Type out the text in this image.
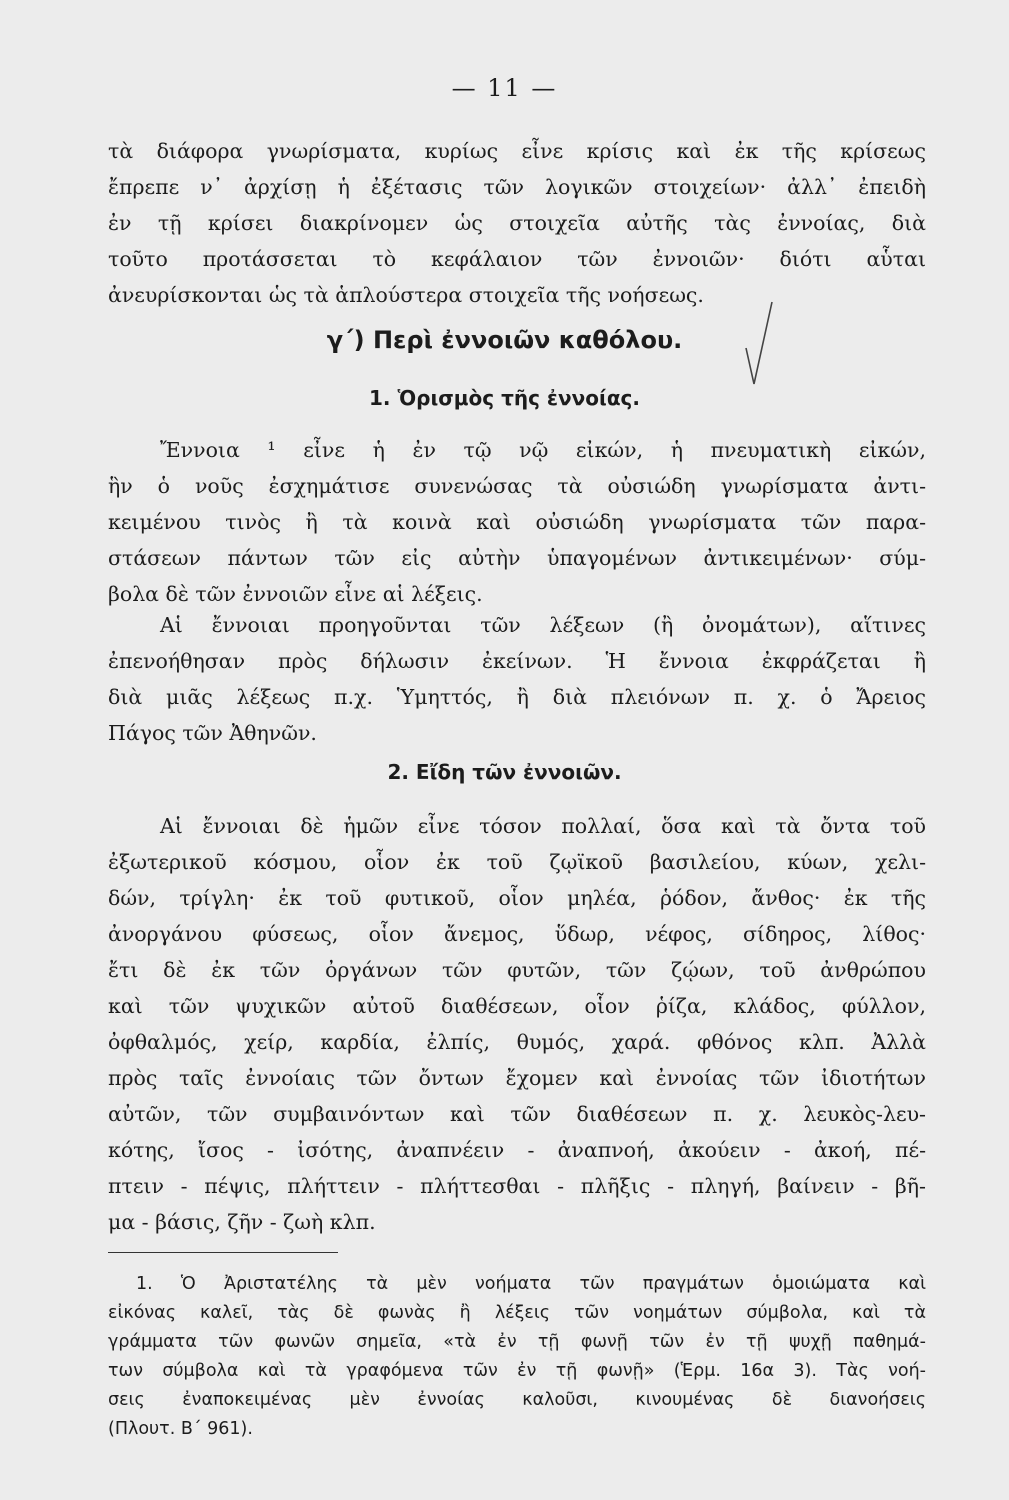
— 11 —
τὰ διάφορα γνωρίσματα, κυρίως εἶνε κρίσις καὶ ἐκ τῆς κρίσεως
ἔπρεπε ν᾽ ἀρχίσῃ ἡ ἐξέτασις τῶν λογικῶν στοιχείων· ἀλλ᾽ ἐπειδὴ
ἐν τῇ κρίσει διακρίνομεν ὡς στοιχεῖα αὐτῆς τὰς ἐννοίας, διὰ
τοῦτο προτάσσεται τὸ κεφάλαιον τῶν ἐννοιῶν· διότι αὗται
ἀνευρίσκονται ὡς τὰ ἁπλούστερα στοιχεῖα τῆς νοήσεως.
γ΄) Περὶ ἐννοιῶν καθόλου.
1. Ὁρισμὸς τῆς ἐννοίας.
Ἔννοια ¹ εἶνε ἡ ἐν τῷ νῷ εἰκών, ἡ πνευματικὴ εἰκών,
ἣν ὁ νοῦς ἐσχημάτισε συνενώσας τὰ οὐσιώδη γνωρίσματα ἀντι-
κειμένου τινὸς ἢ τὰ κοινὰ καὶ οὐσιώδη γνωρίσματα τῶν παρα-
στάσεων πάντων τῶν εἰς αὐτὴν ὑπαγομένων ἀντικειμένων· σύμ-
βολα δὲ τῶν ἐννοιῶν εἶνε αἱ λέξεις.
Αἱ ἔννοιαι προηγοῦνται τῶν λέξεων (ἢ ὀνομάτων), αἵτινες
ἐπενοήθησαν πρὸς δήλωσιν ἐκείνων. Ἡ ἔννοια ἐκφράζεται ἢ
διὰ μιᾶς λέξεως π.χ. Ὑμηττός, ἢ διὰ πλειόνων π. χ. ὁ Ἄρειος
Πάγος τῶν Ἀθηνῶν.
2. Εἴδη τῶν ἐννοιῶν.
Αἱ ἔννοιαι δὲ ἡμῶν εἶνε τόσον πολλαί, ὅσα καὶ τὰ ὄντα τοῦ
ἐξωτερικοῦ κόσμου, οἷον ἐκ τοῦ ζῳϊκοῦ βασιλείου, κύων, χελι-
δών, τρίγλη· ἐκ τοῦ φυτικοῦ, οἷον μηλέα, ῥόδον, ἄνθος· ἐκ τῆς
ἀνοργάνου φύσεως, οἷον ἄνεμος, ὕδωρ, νέφος, σίδηρος, λίθος·
ἔτι δὲ ἐκ τῶν ὀργάνων τῶν φυτῶν, τῶν ζῴων, τοῦ ἀνθρώπου
καὶ τῶν ψυχικῶν αὐτοῦ διαθέσεων, οἷον ῥίζα, κλάδος, φύλλον,
ὀφθαλμός, χείρ, καρδία, ἐλπίς, θυμός, χαρά. φθόνος κλπ. Ἀλλὰ
πρὸς ταῖς ἐννοίαις τῶν ὄντων ἔχομεν καὶ ἐννοίας τῶν ἰδιοτήτων
αὐτῶν, τῶν συμβαινόντων καὶ τῶν διαθέσεων π. χ. λευκὸς-λευ-
κότης, ἴσος - ἰσότης, ἀναπνέειν - ἀναπνοή, ἀκούειν - ἀκοή, πέ-
πτειν - πέψις, πλήττειν - πλήττεσθαι - πλῆξις - πληγή, βαίνειν - βῆ-
μα - βάσις, ζῆν - ζωὴ κλπ.
1. Ὁ Ἀριστατέλης τὰ μὲν νοήματα τῶν πραγμάτων ὁμοιώματα καὶ
εἰκόνας καλεῖ, τὰς δὲ φωνὰς ἢ λέξεις τῶν νοημάτων σύμβολα, καὶ τὰ
γράμματα τῶν φωνῶν σημεῖα, «τὰ ἐν τῇ φωνῇ τῶν ἐν τῇ ψυχῇ παθημά-
των σύμβολα καὶ τὰ γραφόμενα τῶν ἐν τῇ φωνῇ» (Ἑρμ. 16α 3). Τὰς νοή-
σεις ἐναποκειμένας μὲν ἐννοίας καλοῦσι, κινουμένας δὲ διανοήσεις
(Πλουτ. Β΄ 961).
